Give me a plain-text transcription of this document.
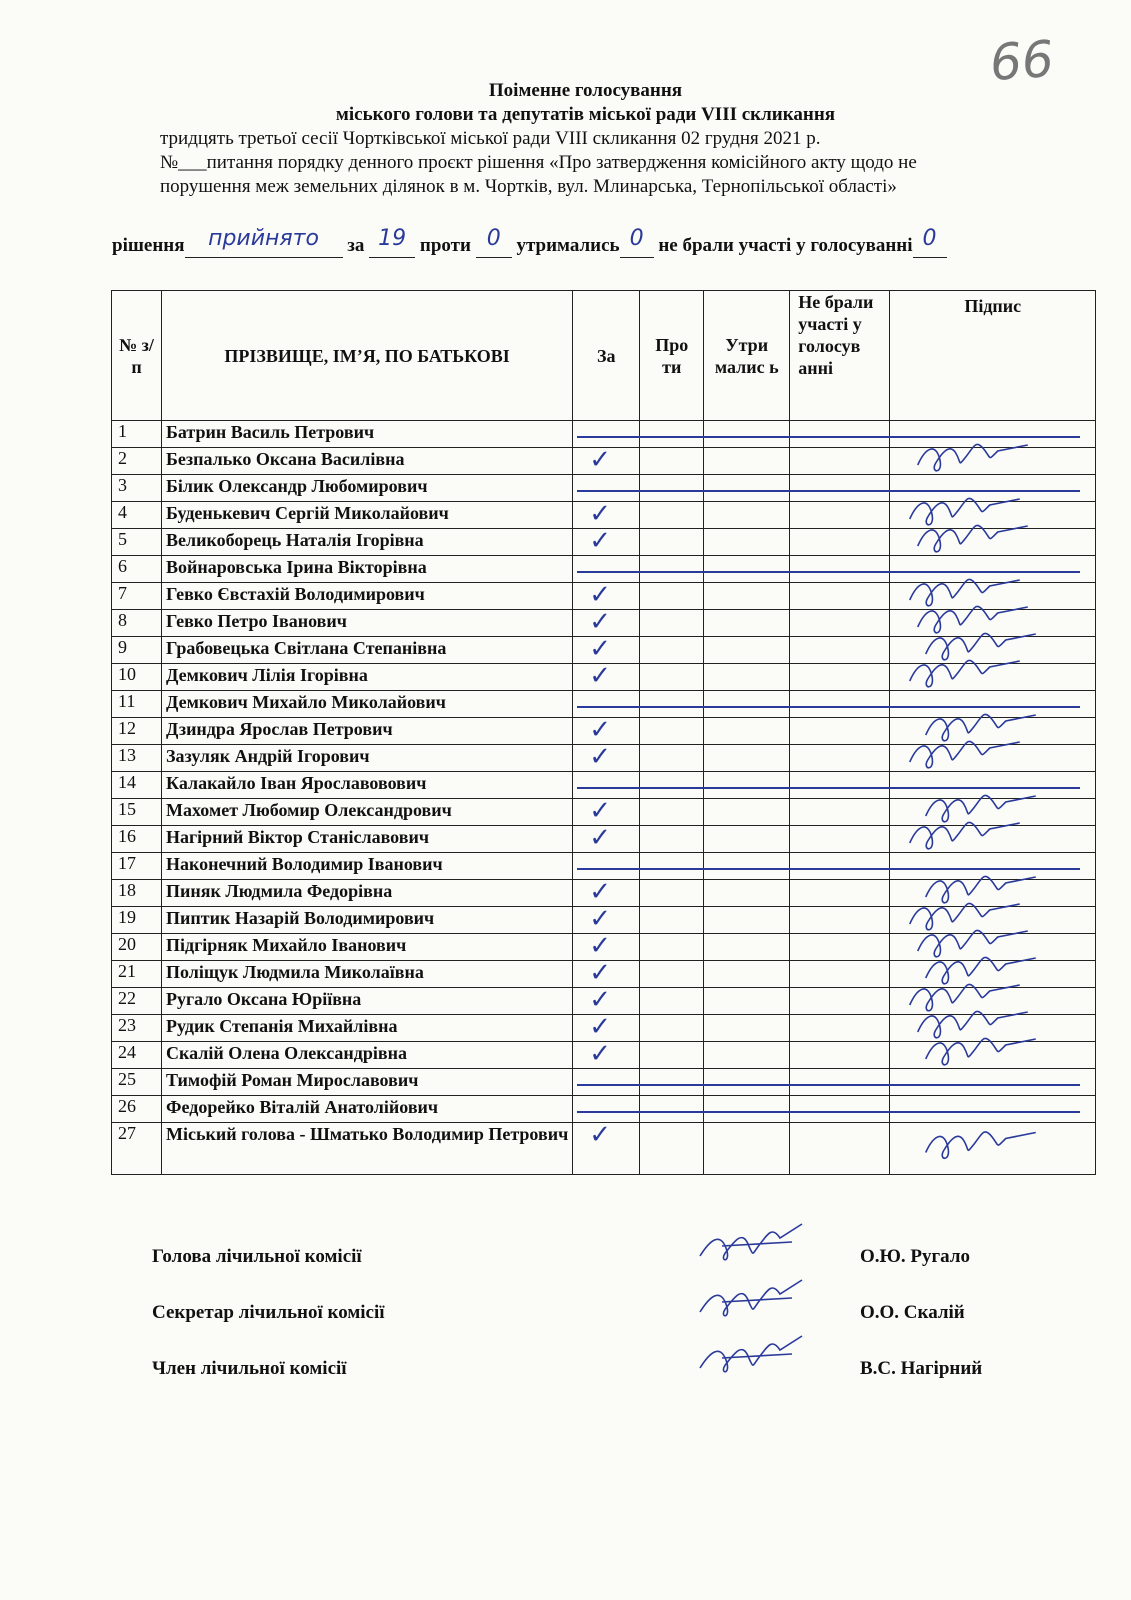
66
Поіменне голосування
міського голови та депутатів міської ради VIII скликання
тридцять третьої сесії Чортківської міської ради VIII скликання 02 грудня 2021 р.
№___питання порядку денного проєкт рішення «Про затвердження комісійного акту щодо не
порушення меж земельних ділянок в м. Чортків, вул. Млинарська, Тернопільської області»
рішення прийнято за 19 проти 0 утримались 0 не брали участі у голосуванні 0
№ з/п	ПРІЗВИЩЕ, ІМ’Я, ПО БАТЬКОВІ	За	Про ти	Утри малис ь	Не брали участі у голосув анні	Підпис
1	Батрин Василь Петрович					
2	Безпалько Оксана Василівна	✓				
3	Білик Олександр Любомирович					
4	Буденькевич Сергій Миколайович	✓				
5	Великоборець Наталія Ігорівна	✓				
6	Войнаровська Ірина Вікторівна					
7	Гевко Євстахій Володимирович	✓				
8	Гевко Петро Іванович	✓				
9	Грабовецька Світлана Степанівна	✓				
10	Демкович Лілія Ігорівна	✓				
11	Демкович Михайло Миколайович					
12	Дзиндра Ярослав Петрович	✓				
13	Зазуляк Андрій Ігорович	✓				
14	Калакайло Іван Ярославовович					
15	Махомет Любомир Олександрович	✓				
16	Нагірний Віктор Станіславович	✓				
17	Наконечний Володимир Іванович					
18	Пиняк Людмила Федорівна	✓				
19	Пиптик Назарій Володимирович	✓				
20	Підгірняк Михайло Іванович	✓				
21	Поліщук Людмила Миколаївна	✓				
22	Ругало Оксана Юріївна	✓				
23	Рудик Степанія Михайлівна	✓				
24	Скалій Олена Олександрівна	✓				
25	Тимофій Роман Мирославович					
26	Федорейко Віталій Анатолійович					
27	Міський голова - Шматько Володимир Петрович	✓				
Голова лічильної комісії	О.Ю. Ругало
Секретар лічильної комісії	О.О. Скалій
Член лічильної комісії	В.С. Нагірний
